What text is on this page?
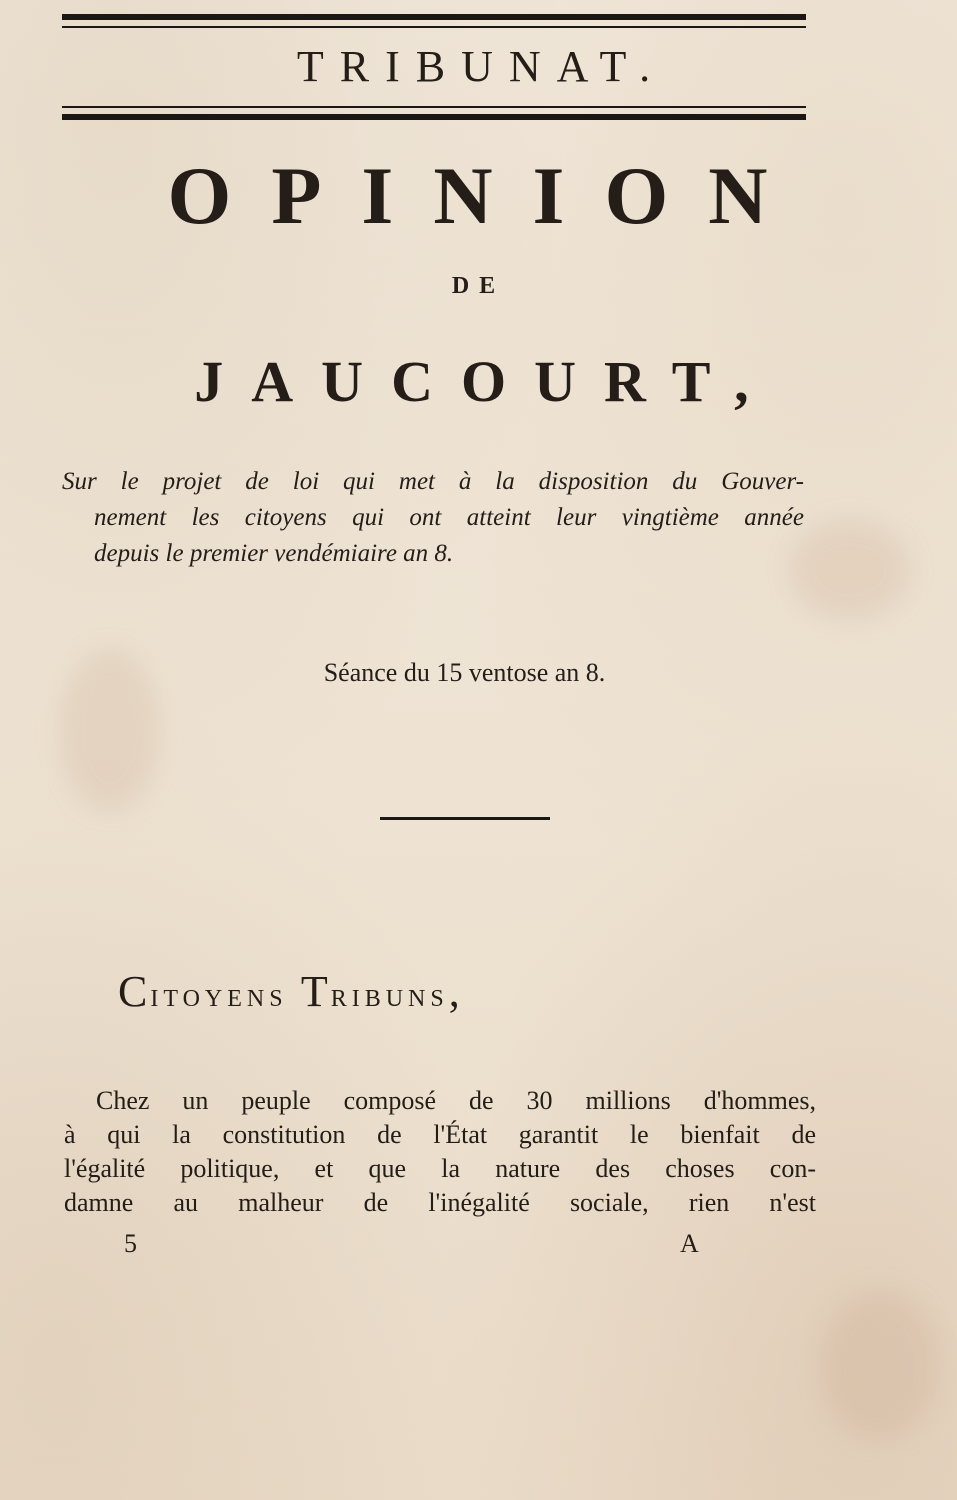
TRIBUNAT.
OPINION
DE
JAUCOURT,
Sur le projet de loi qui met à la disposition du Gouver-
nement les citoyens qui ont atteint leur vingtième année
depuis le premier vendémiaire an 8.
Séance du 15 ventose an 8.
CITOYENS TRIBUNS,
Chez un peuple composé de 30 millions d'hommes,
à qui la constitution de l'État garantit le bienfait de
l'égalité politique, et que la nature des choses con-
damne au malheur de l'inégalité sociale, rien n'est
5	A
